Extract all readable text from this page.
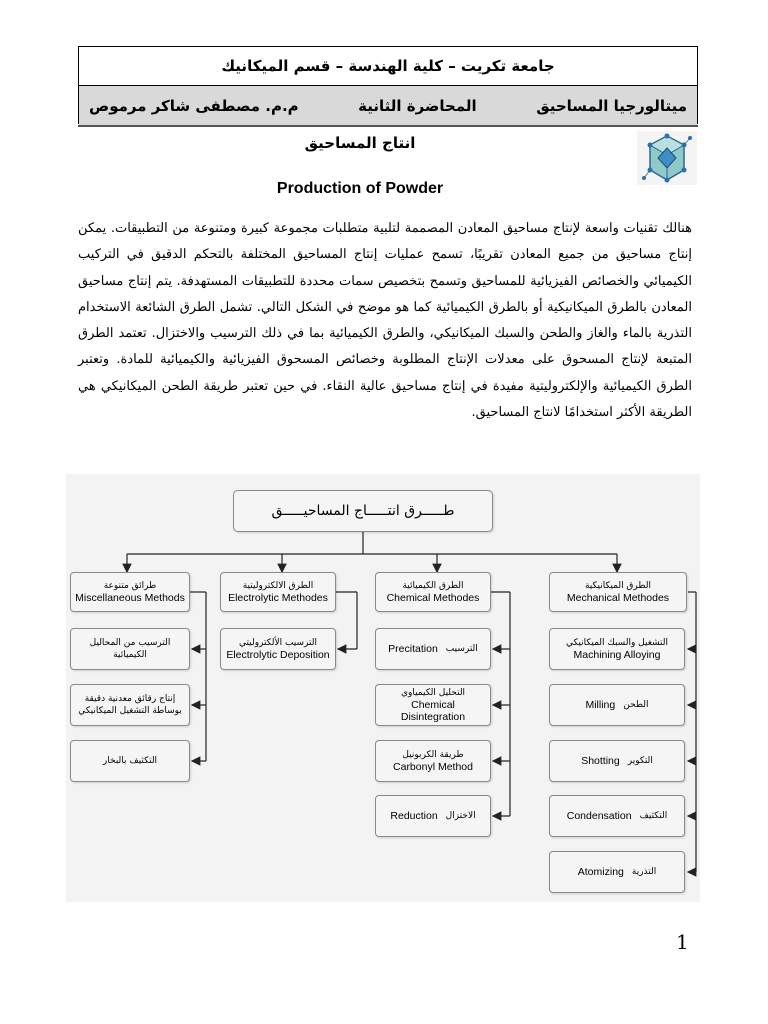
جامعة تكريت – كلية الهندسة – قسم الميكانيك
ميتالورجيا المساحيق
المحاضرة الثانية
م.م. مصطفى شاكر مرموص
انتاج المساحيق
Production of Powder
هنالك تقنيات واسعة لإنتاج مساحيق المعادن المصممة لتلبية متطلبات مجموعة كبيرة ومتنوعة من التطبيقات. يمكن إنتاج مساحيق من جميع المعادن تقريبًا، تسمح عمليات إنتاج المساحيق المختلفة بالتحكم الدقيق في التركيب الكيميائي والخصائص الفيزيائية للمساحيق وتسمح بتخصيص سمات محددة للتطبيقات المستهدفة. يتم إنتاج مساحيق المعادن بالطرق الميكانيكية أو بالطرق الكيميائية كما هو موضح في الشكل التالي. تشمل الطرق الشائعة الاستخدام التذرية بالماء والغاز والطحن والسبك الميكانيكي، والطرق الكيميائية بما في ذلك الترسيب والاختزال. تعتمد الطرق المتبعة لإنتاج المسحوق على معدلات الإنتاج المطلوبة وخصائص المسحوق الفيزيائية والكيميائية للمادة. وتعتبر الطرق الكيميائية والإلكتروليتية مفيدة في إنتاج مساحيق عالية النقاء. في حين تعتبر طريقة الطحن الميكانيكي هي الطريقة الأكثر استخدامًا لانتاج المساحيق.
طـــــرق انتـــــاج المساحيـــــق
الطرق الميكانيكية
Mechanical Methodes
التشغيل والسبك الميكانيكي
Machining Alloying
Milling الطحن
Shotting التكوير
Condensation التكثيف
Atomizing التذرية
الطرق الكيميائية
Chemical Methodes
Precitation الترسيب
التحليل الكيمياوي
Chemical Disintegration
طريقة الكربونيل
Carbonyl Method
Reduction الاختزال
الطرق الالكتروليتية
Electrolytic Methodes
الترسيب الألكتروليتي
Electrolytic Deposition
طرائق متنوعة
Miscellaneous Methods
الترسيب من المحاليل الكيميائية
إنتاج رقائق معدنية دقيقة بوساطة التشغيل الميكانيكي
التكثيف بالبخار
1
